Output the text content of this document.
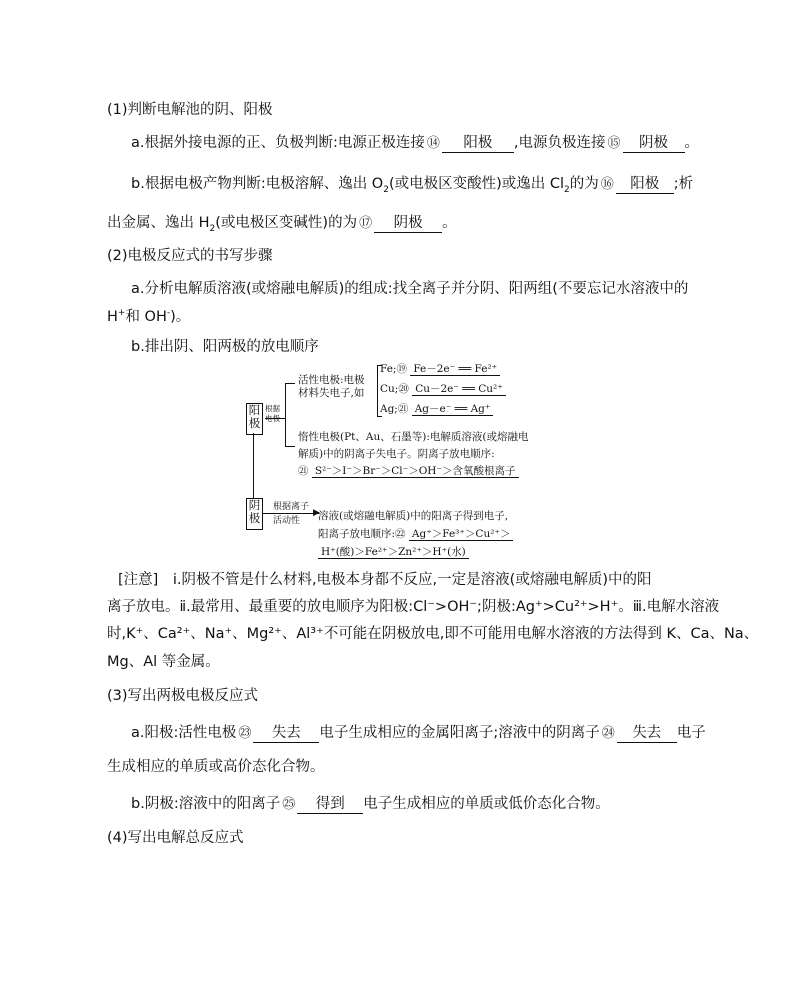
(1)判断电解池的阴、阳极
a.根据外接电源的正、负极判断:电源正极连接 ⑭ 阳极 ,电源负极连接 ⑮ 阴极 。
b.根据电极产物判断:电极溶解、逸出 $O_2$(或电极区变酸性)或逸出 $Cl_2$的为 ⑯ 阳极 ;析
出金属、逸出 $H_2$(或电极区变碱性)的为 ⑰ 阴极 。
(2)电极反应式的书写步骤
a.分析电解质溶液(或熔融电解质)的组成:找全离子并分阴、阳两组(不要忘记水溶液中的
H+和 OH-)。
b.排出阴、阳两极的放电顺序
阳
极
根据

活性电极:电极
材料失电子,如
Fe;⑲ Fe－2e⁻ ══ Fe²⁺
Cu;⑳ Cu－2e⁻ ══ Cu²⁺
Ag;㉑ Ag－e⁻ ══ Ag⁺
惰性电极(Pt、Au、石墨等):电解质溶液(或熔融电
解质)中的阴离子失电子。阴离子放电顺序:
㉑ S²⁻＞I⁻＞Br⁻＞Cl⁻＞OH⁻＞含氧酸根离子
阴
极
根据离子
活动性
▶
溶液(或熔融电解质)中的阳离子得到电子,
阳离子放电顺序:㉒ Ag⁺＞Fe³⁺＞Cu²⁺＞
H⁺(酸)＞Fe²⁺＞Zn²⁺＞H⁺(水)
[注意]　ⅰ.阴极不管是什么材料,电极本身都不反应,一定是溶液(或熔融电解质)中的阳
离子放电。ⅱ.最常用、最重要的放电顺序为阳极:Cl⁻>OH⁻;阴极:Ag⁺>Cu²⁺>H⁺。ⅲ.电解水溶液
时,K⁺、Ca²⁺、Na⁺、Mg²⁺、Al³⁺不可能在阴极放电,即不可能用电解水溶液的方法得到 K、Ca、Na、
Mg、Al 等金属。
(3)写出两极电极反应式
a.阳极:活性电极 ㉓ 失去 电子生成相应的金属阳离子;溶液中的阴离子 ㉔ 失去 电子
生成相应的单质或高价态化合物。
b.阴极:溶液中的阳离子 ㉕ 得到 电子生成相应的单质或低价态化合物。
(4)写出电解总反应式
